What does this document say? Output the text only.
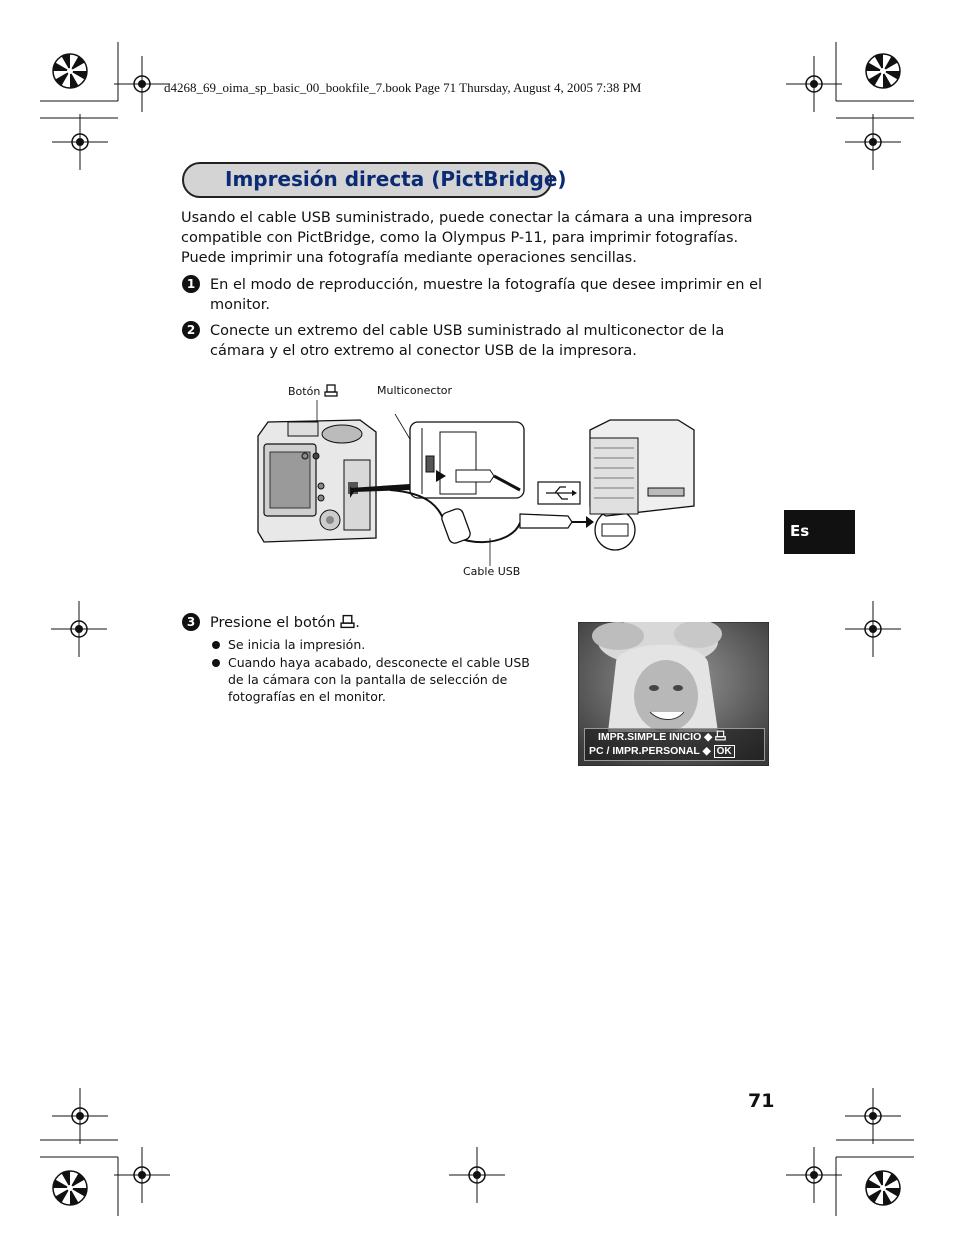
d4268_69_oima_sp_basic_00_bookfile_7.book Page 71 Thursday, August 4, 2005 7:38 PM
Impresión directa (PictBridge)
Usando el cable USB suministrado, puede conectar la cámara a una impresora compatible con PictBridge, como la Olympus P-11, para imprimir fotografías. Puede imprimir una fotografía mediante operaciones sencillas.
1	En el modo de reproducción, muestre la fotografía que desee imprimir en el monitor.
2	Conecte un extremo del cable USB suministrado al multiconector de la cámara y el otro extremo al conector USB de la impresora.
Botón	Multiconector
Cable USB
Es
3	Presione el botón .
Se inicia la impresión.
Cuando haya acabado, desconecte el cable USB de la cámara con la pantalla de selección de fotografías en el monitor.
IMPR.SIMPLE INICIO ◆
PC / IMPR.PERSONAL ◆ OK
71
